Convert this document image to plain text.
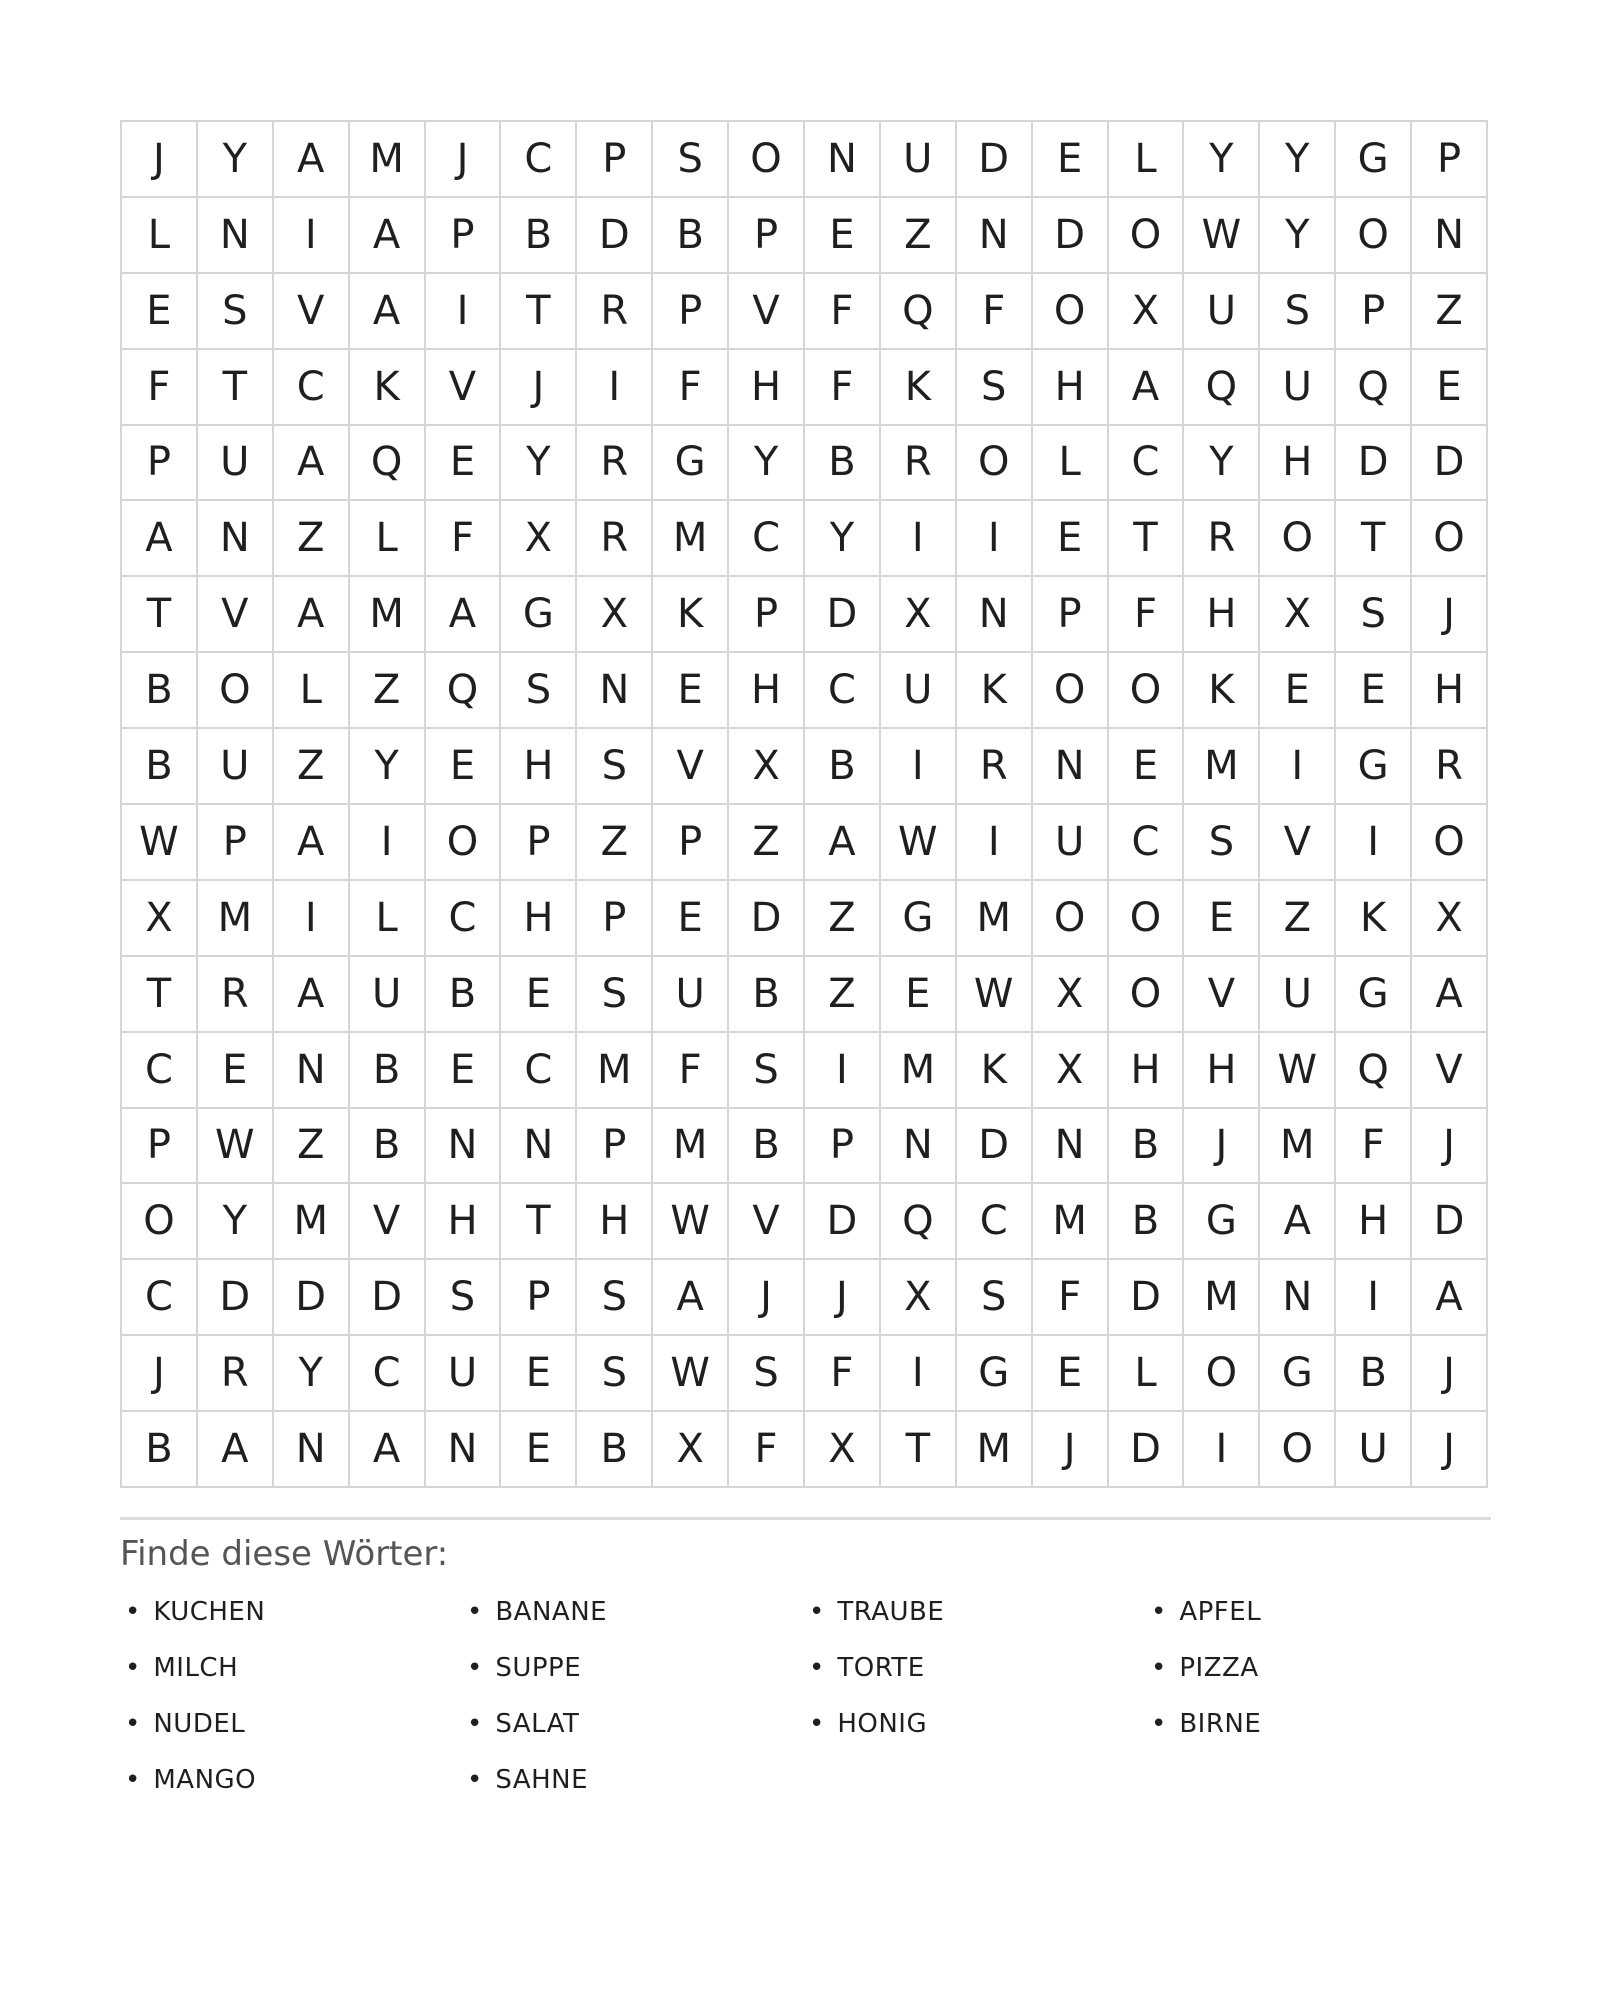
J	Y	A	M	J	C	P	S	O	N	U	D	E	L	Y	Y	G	P
L	N	I	A	P	B	D	B	P	E	Z	N	D	O	W	Y	O	N
E	S	V	A	I	T	R	P	V	F	Q	F	O	X	U	S	P	Z
F	T	C	K	V	J	I	F	H	F	K	S	H	A	Q	U	Q	E
P	U	A	Q	E	Y	R	G	Y	B	R	O	L	C	Y	H	D	D
A	N	Z	L	F	X	R	M	C	Y	I	I	E	T	R	O	T	O
T	V	A	M	A	G	X	K	P	D	X	N	P	F	H	X	S	J
B	O	L	Z	Q	S	N	E	H	C	U	K	O	O	K	E	E	H
B	U	Z	Y	E	H	S	V	X	B	I	R	N	E	M	I	G	R
W	P	A	I	O	P	Z	P	Z	A	W	I	U	C	S	V	I	O
X	M	I	L	C	H	P	E	D	Z	G	M	O	O	E	Z	K	X
T	R	A	U	B	E	S	U	B	Z	E	W	X	O	V	U	G	A
C	E	N	B	E	C	M	F	S	I	M	K	X	H	H	W	Q	V
P	W	Z	B	N	N	P	M	B	P	N	D	N	B	J	M	F	J
O	Y	M	V	H	T	H	W	V	D	Q	C	M	B	G	A	H	D
C	D	D	D	S	P	S	A	J	J	X	S	F	D	M	N	I	A
J	R	Y	C	U	E	S	W	S	F	I	G	E	L	O	G	B	J
B	A	N	A	N	E	B	X	F	X	T	M	J	D	I	O	U	J
Finde diese Wörter:
• KUCHEN
• MILCH
• NUDEL
• MANGO
• BANANE
• SUPPE
• SALAT
• SAHNE
• TRAUBE
• TORTE
• HONIG
• APFEL
• PIZZA
• BIRNE
